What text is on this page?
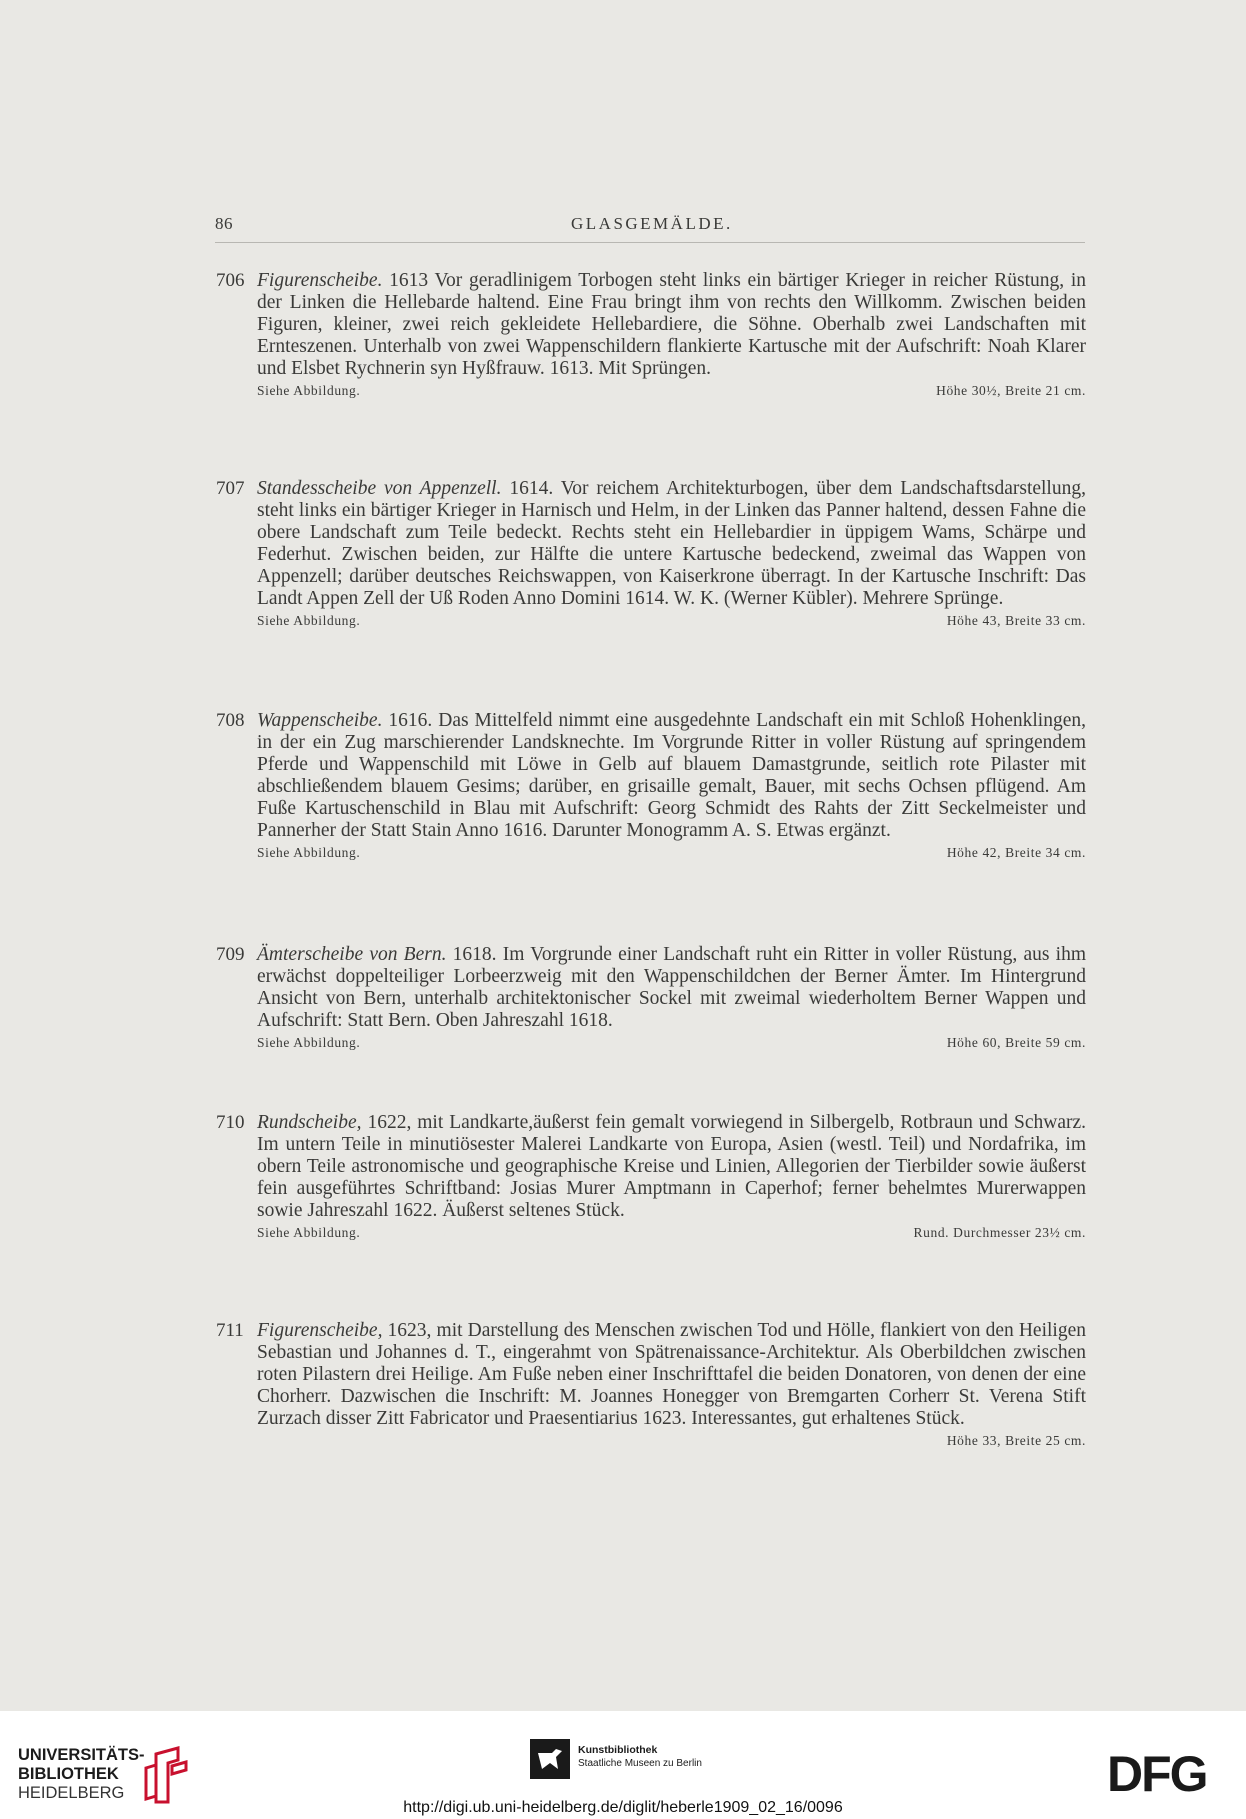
86	GLASGEMÄLDE.
706 Figurenscheibe. 1613 Vor geradlinigem Torbogen steht links ein bärtiger Krieger in reicher Rüstung, in der Linken die Hellebarde haltend. Eine Frau bringt ihm von rechts den Willkomm. Zwischen beiden Figuren, kleiner, zwei reich gekleidete Hellebardiere, die Söhne. Oberhalb zwei Landschaften mit Ernteszenen. Unterhalb von zwei Wappenschildern flankierte Kartusche mit der Aufschrift: Noah Klarer und Elsbet Rychnerin syn Hyßfrauw. 1613. Mit Sprüngen.
Siehe Abbildung.	Höhe 30½, Breite 21 cm.
707 Standesscheibe von Appenzell. 1614. Vor reichem Architekturbogen, über dem Landschaftsdarstellung, steht links ein bärtiger Krieger in Harnisch und Helm, in der Linken das Panner haltend, dessen Fahne die obere Landschaft zum Teile bedeckt. Rechts steht ein Hellebardier in üppigem Wams, Schärpe und Federhut. Zwischen beiden, zur Hälfte die untere Kartusche bedeckend, zweimal das Wappen von Appenzell; darüber deutsches Reichswappen, von Kaiserkrone überragt. In der Kartusche Inschrift: Das Landt Appen Zell der Uß Roden Anno Domini 1614. W. K. (Werner Kübler). Mehrere Sprünge.
Siehe Abbildung.	Höhe 43, Breite 33 cm.
708 Wappenscheibe. 1616. Das Mittelfeld nimmt eine ausgedehnte Landschaft ein mit Schloß Hohenklingen, in der ein Zug marschierender Landsknechte. Im Vorgrunde Ritter in voller Rüstung auf springendem Pferde und Wappenschild mit Löwe in Gelb auf blauem Damastgrunde, seitlich rote Pilaster mit abschließendem blauem Gesims; darüber, en grisaille gemalt, Bauer, mit sechs Ochsen pflügend. Am Fuße Kartuschenschild in Blau mit Aufschrift: Georg Schmidt des Rahts der Zitt Seckelmeister und Pannerher der Statt Stain Anno 1616. Darunter Monogramm A. S. Etwas ergänzt.
Siehe Abbildung.	Höhe 42, Breite 34 cm.
709 Ämterscheibe von Bern. 1618. Im Vorgrunde einer Landschaft ruht ein Ritter in voller Rüstung, aus ihm erwächst doppelteiliger Lorbeerzweig mit den Wappenschildchen der Berner Ämter. Im Hintergrund Ansicht von Bern, unterhalb architektonischer Sockel mit zweimal wiederholtem Berner Wappen und Aufschrift: Statt Bern. Oben Jahreszahl 1618.
Siehe Abbildung.	Höhe 60, Breite 59 cm.
710 Rundscheibe, 1622, mit Landkarte,äußerst fein gemalt vorwiegend in Silbergelb, Rotbraun und Schwarz. Im untern Teile in minutiösester Malerei Landkarte von Europa, Asien (westl. Teil) und Nordafrika, im obern Teile astronomische und geographische Kreise und Linien, Allegorien der Tierbilder sowie äußerst fein ausgeführtes Schriftband: Josias Murer Amptmann in Caperhof; ferner behelmtes Murerwappen sowie Jahreszahl 1622. Äußerst seltenes Stück.
Siehe Abbildung.	Rund. Durchmesser 23½ cm.
711 Figurenscheibe, 1623, mit Darstellung des Menschen zwischen Tod und Hölle, flankiert von den Heiligen Sebastian und Johannes d. T., eingerahmt von Spätrenaissance-Architektur. Als Oberbildchen zwischen roten Pilastern drei Heilige. Am Fuße neben einer Inschrifttafel die beiden Donatoren, von denen der eine Chorherr. Dazwischen die Inschrift: M. Joannes Honegger von Bremgarten Corherr St. Verena Stift Zurzach disser Zitt Fabricator und Praesentiarius 1623. Interessantes, gut erhaltenes Stück.
Höhe 33, Breite 25 cm.
UNIVERSITÄTS-
BIBLIOTHEK
HEIDELBERG
Kunstbibliothek
Staatliche Museen zu Berlin	DFG
http://digi.ub.uni-heidelberg.de/diglit/heberle1909_02_16/0096
